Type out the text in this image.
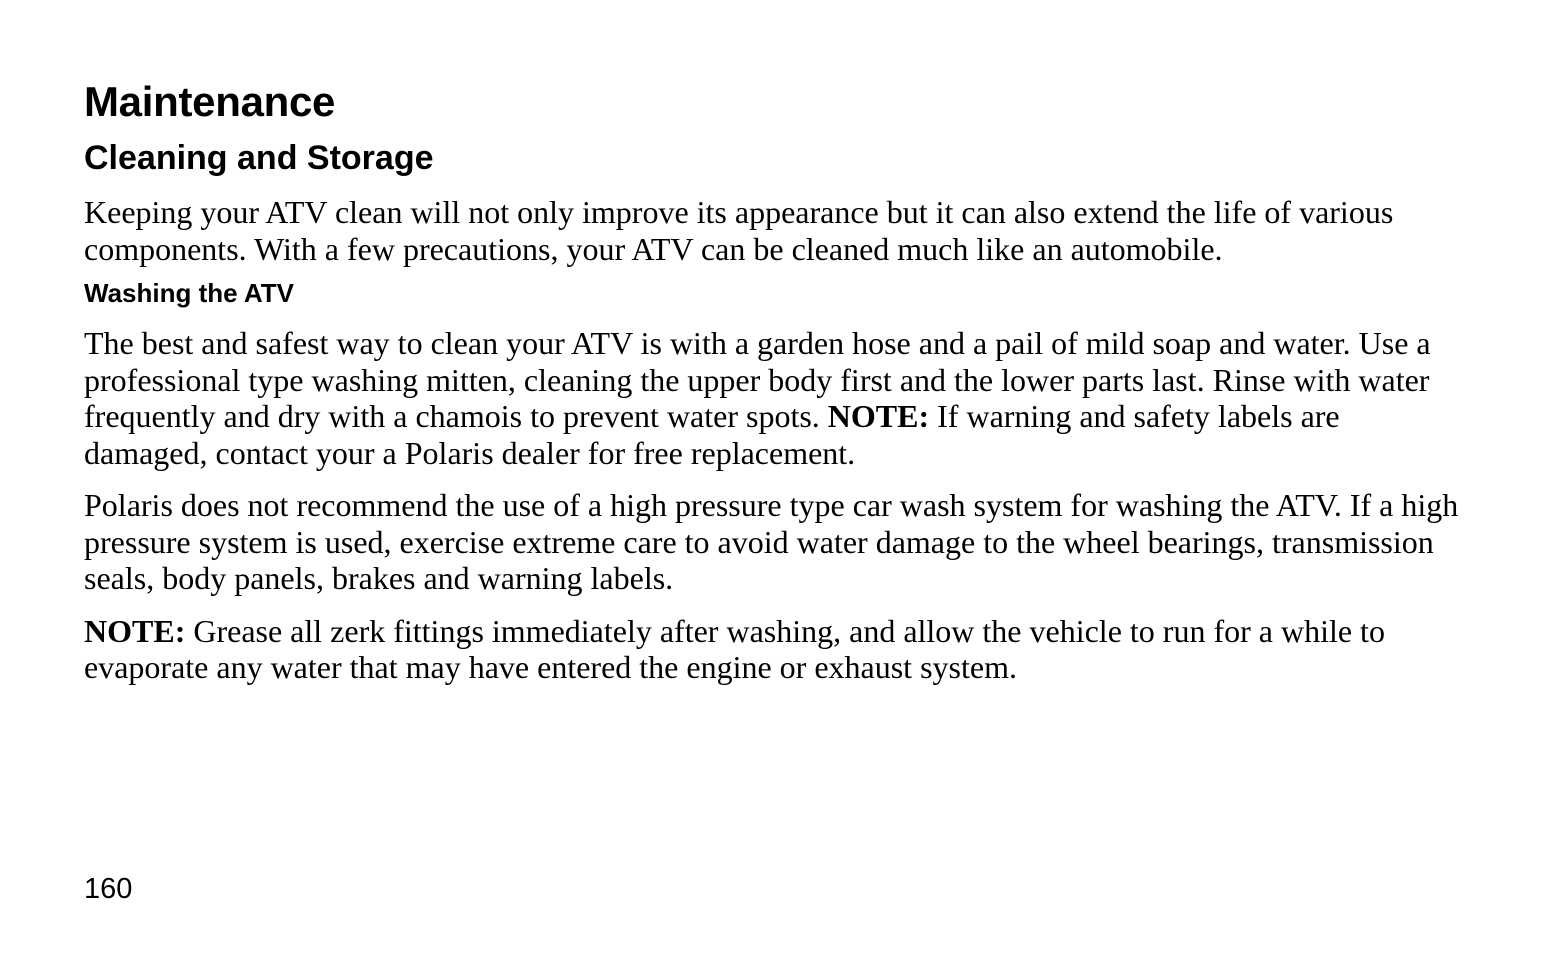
Maintenance
Cleaning and Storage

Keeping your ATV clean will not only improve its appearance but it can also extend the life of various components. With a few precautions, your ATV can be cleaned much like an automobile.

Washing the ATV

The best and safest way to clean your ATV is with a garden hose and a pail of mild soap and water. Use a professional type washing mitten, cleaning the upper body first and the lower parts last. Rinse with water frequently and dry with a chamois to prevent water spots. NOTE: If warning and safety labels are damaged, contact your a Polaris dealer for free replacement.

Polaris does not recommend the use of a high pressure type car wash system for washing the ATV. If a high pressure system is used, exercise extreme care to avoid water damage to the wheel bearings, transmission seals, body panels, brakes and warning labels.

NOTE: Grease all zerk fittings immediately after washing, and allow the vehicle to run for a while to evaporate any water that may have entered the engine or exhaust system.

160
